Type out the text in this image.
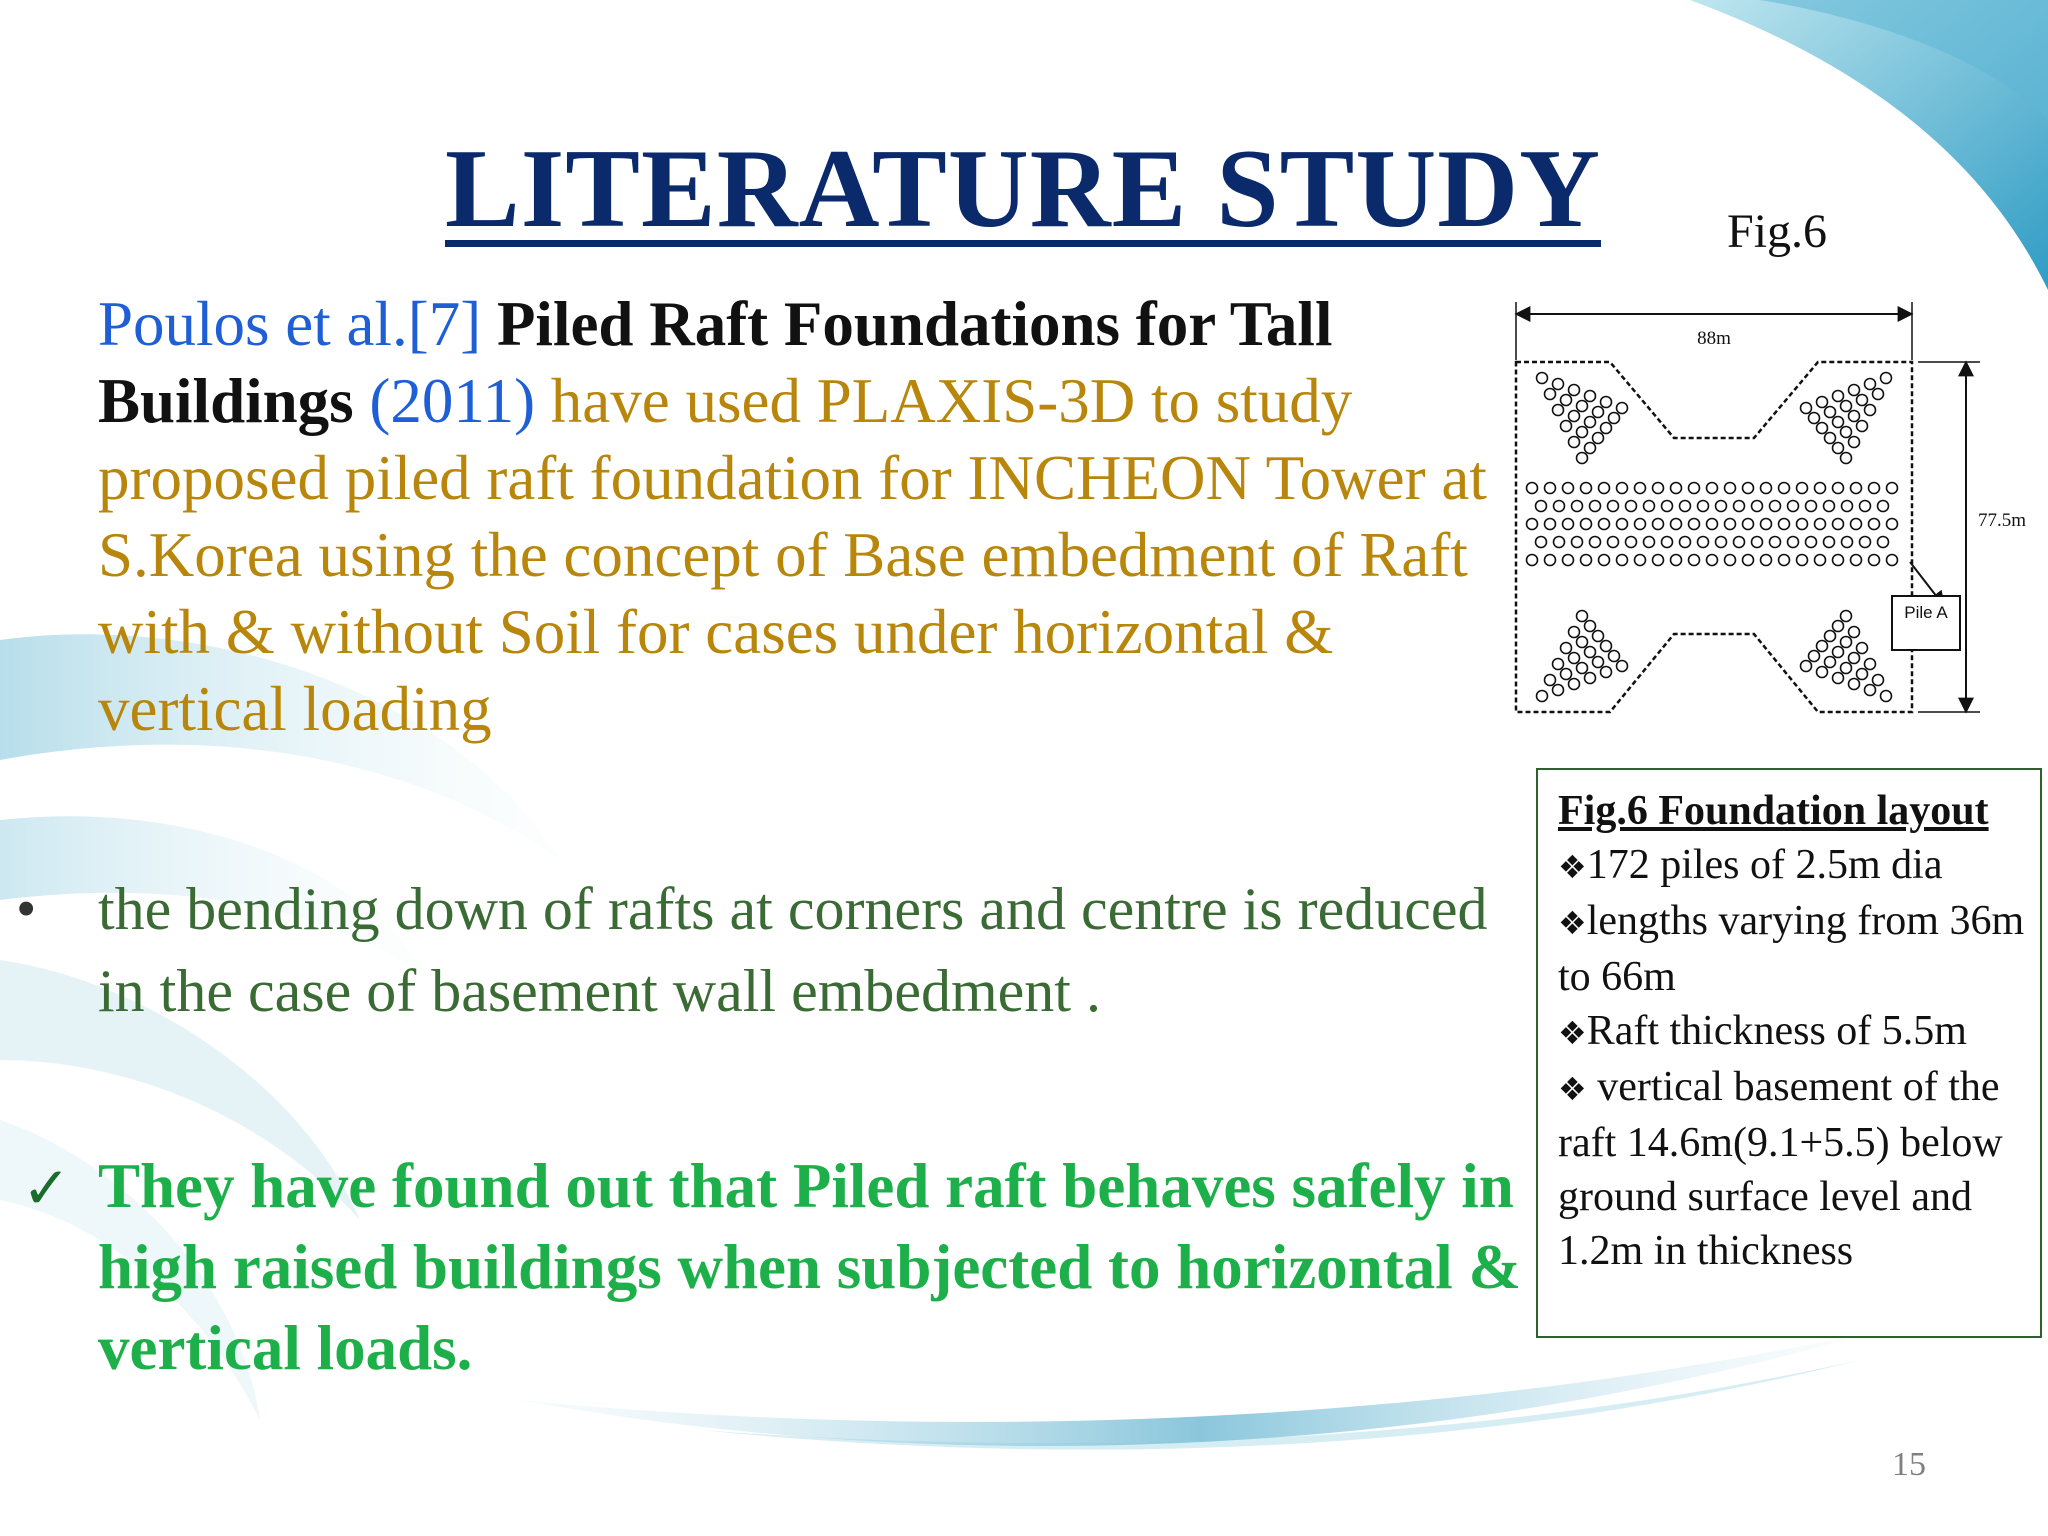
LITERATURE STUDY	Fig.6
Poulos et al.[7] Piled Raft Foundations for Tall Buildings (2011) have used PLAXIS-3D to study proposed piled raft foundation for INCHEON Tower at S.Korea using the concept of Base embedment of Raft with & without Soil for cases under horizontal & vertical loading
• the bending down of rafts at corners and centre is reduced in the case of basement wall embedment .
✓ They have found out that Piled raft behaves safely in high raised buildings when subjected to horizontal & vertical loads.
88m
77.5m
Pile A
Fig.6 Foundation layout
❖172 piles of 2.5m dia
❖lengths varying from 36m to 66m
❖Raft thickness of 5.5m
❖ vertical basement of the raft 14.6m(9.1+5.5) below ground surface level and 1.2m in thickness
15
